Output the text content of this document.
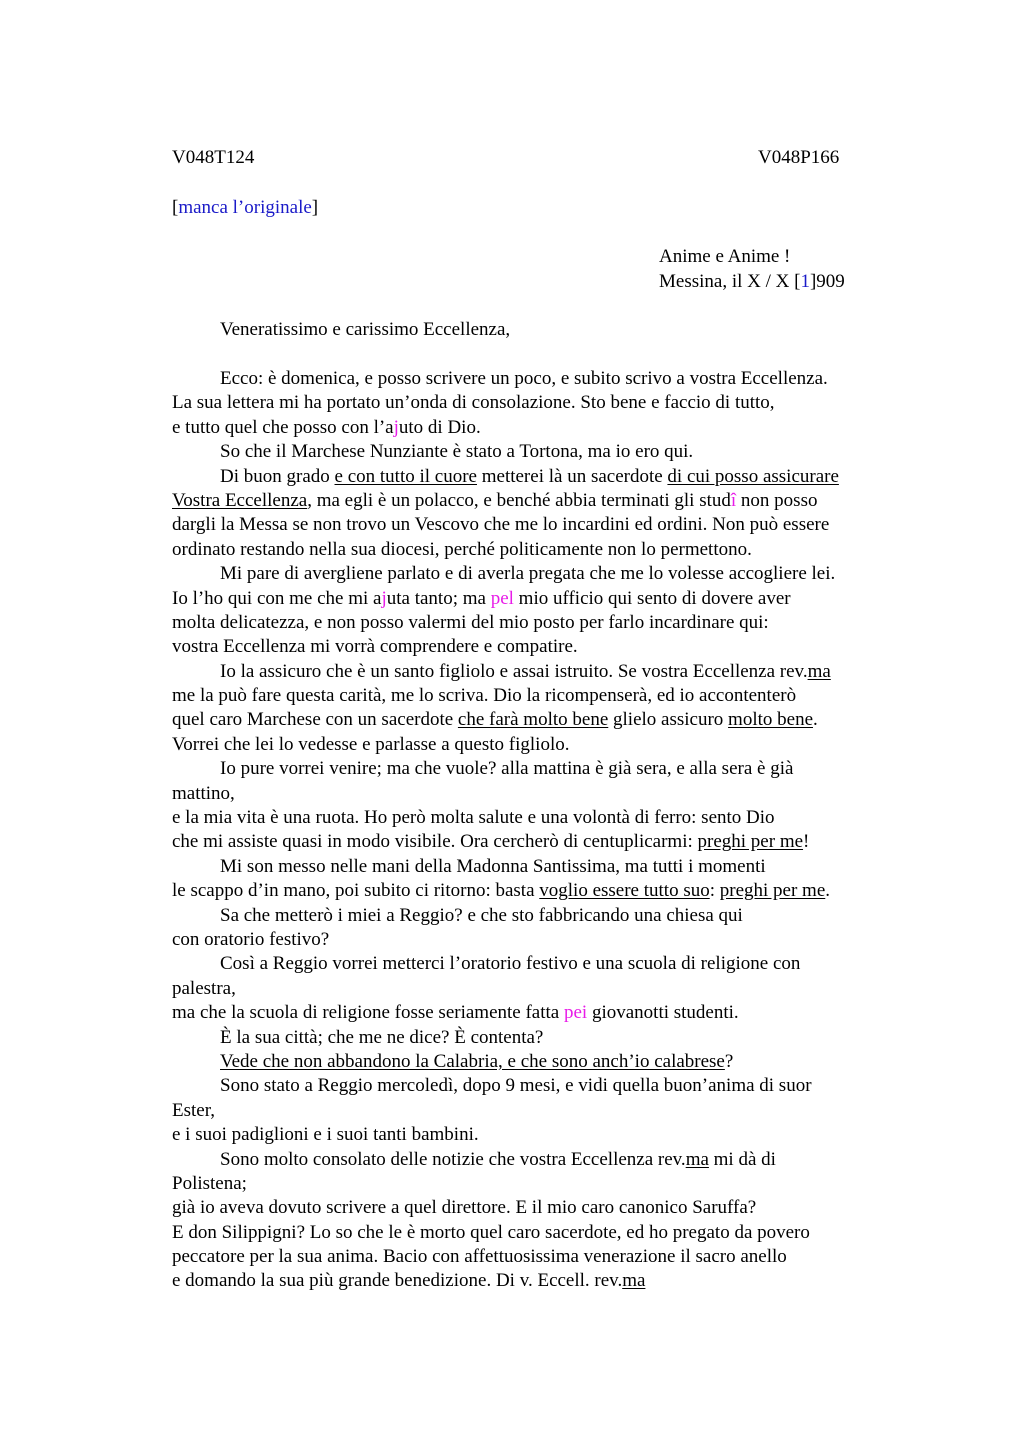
V048T124	V048P166
[manca l’originale]
Anime e Anime !
Messina, il X / X [1]909
Veneratissimo e carissimo Eccellenza,
Ecco: è domenica, e posso scrivere un poco, e subito scrivo a vostra Eccellenza.
La sua lettera mi ha portato un’onda di consolazione. Sto bene e faccio di tutto,
e tutto quel che posso con l’ajuto di Dio.
So che il Marchese Nunziante è stato a Tortona, ma io ero qui.
Di buon grado e con tutto il cuore metterei là un sacerdote di cui posso assicurare
Vostra Eccellenza, ma egli è un polacco, e benché abbia terminati gli studî non posso
dargli la Messa se non trovo un Vescovo che me lo incardini ed ordini. Non può essere
ordinato restando nella sua diocesi, perché politicamente non lo permettono.
Mi pare di avergliene parlato e di averla pregata che me lo volesse accogliere lei.
Io l’ho qui con me che mi ajuta tanto; ma pel mio ufficio qui sento di dovere aver
molta delicatezza, e non posso valermi del mio posto per farlo incardinare qui:
vostra Eccellenza mi vorrà comprendere e compatire.
Io la assicuro che è un santo figliolo e assai istruito. Se vostra Eccellenza rev.ma
me la può fare questa carità, me lo scriva. Dio la ricompenserà, ed io accontenterò
quel caro Marchese con un sacerdote che farà molto bene glielo assicuro molto bene.
Vorrei che lei lo vedesse e parlasse a questo figliolo.
Io pure vorrei venire; ma che vuole? alla mattina è già sera, e alla sera è già
mattino,
e la mia vita è una ruota. Ho però molta salute e una volontà di ferro: sento Dio
che mi assiste quasi in modo visibile. Ora cercherò di centuplicarmi: preghi per me!
Mi son messo nelle mani della Madonna Santissima, ma tutti i momenti
le scappo d’in mano, poi subito ci ritorno: basta voglio essere tutto suo: preghi per me.
Sa che metterò i miei a Reggio? e che sto fabbricando una chiesa qui
con oratorio festivo?
Così a Reggio vorrei metterci l’oratorio festivo e una scuola di religione con
palestra,
ma che la scuola di religione fosse seriamente fatta pei giovanotti studenti.
È la sua città; che me ne dice? È contenta?
Vede che non abbandono la Calabria, e che sono anch’io calabrese?
Sono stato a Reggio mercoledì, dopo 9 mesi, e vidi quella buon’anima di suor
Ester,
e i suoi padiglioni e i suoi tanti bambini.
Sono molto consolato delle notizie che vostra Eccellenza rev.ma mi dà di
Polistena;
già io aveva dovuto scrivere a quel direttore. E il mio caro canonico Saruffa?
E don Silippigni? Lo so che le è morto quel caro sacerdote, ed ho pregato da povero
peccatore per la sua anima. Bacio con affettuosissima venerazione il sacro anello
e domando la sua più grande benedizione. Di v. Eccell. rev.ma
